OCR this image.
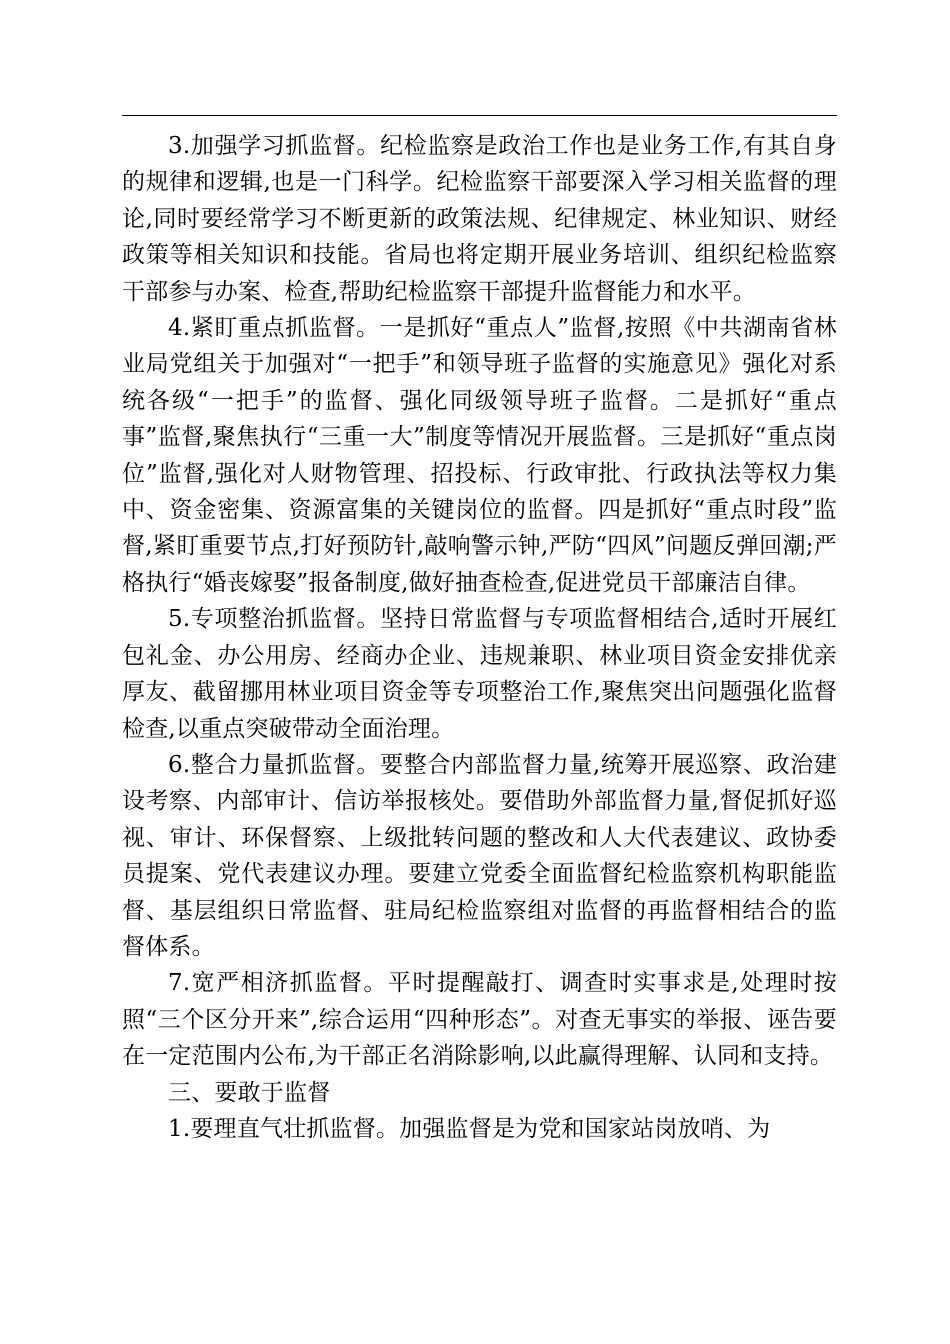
3.加强学习抓监督。纪检监察是政治工作也是业务工作,有其自身的规律和逻辑,也是一门科学。纪检监察干部要深入学习相关监督的理论,同时要经常学习不断更新的政策法规、纪律规定、林业知识、财经政策等相关知识和技能。省局也将定期开展业务培训、组织纪检监察干部参与办案、检查,帮助纪检监察干部提升监督能力和水平。

4.紧盯重点抓监督。一是抓好“重点人”监督,按照《中共湖南省林业局党组关于加强对“一把手”和领导班子监督的实施意见》强化对系统各级“一把手”的监督、强化同级领导班子监督。二是抓好“重点事”监督,聚焦执行“三重一大”制度等情况开展监督。三是抓好“重点岗位”监督,强化对人财物管理、招投标、行政审批、行政执法等权力集中、资金密集、资源富集的关键岗位的监督。四是抓好“重点时段”监督,紧盯重要节点,打好预防针,敲响警示钟,严防“四风”问题反弹回潮;严格执行“婚丧嫁娶”报备制度,做好抽查检查,促进党员干部廉洁自律。

5.专项整治抓监督。坚持日常监督与专项监督相结合,适时开展红包礼金、办公用房、经商办企业、违规兼职、林业项目资金安排优亲厚友、截留挪用林业项目资金等专项整治工作,聚焦突出问题强化监督检查,以重点突破带动全面治理。

6.整合力量抓监督。要整合内部监督力量,统筹开展巡察、政治建设考察、内部审计、信访举报核处。要借助外部监督力量,督促抓好巡视、审计、环保督察、上级批转问题的整改和人大代表建议、政协委员提案、党代表建议办理。要建立党委全面监督纪检监察机构职能监督、基层组织日常监督、驻局纪检监察组对监督的再监督相结合的监督体系。

7.宽严相济抓监督。平时提醒敲打、调查时实事求是,处理时按照“三个区分开来”,综合运用“四种形态”。对查无事实的举报、诬告要在一定范围内公布,为干部正名消除影响,以此赢得理解、认同和支持。

三、要敢于监督

1.要理直气壮抓监督。加强监督是为党和国家站岗放哨、为
